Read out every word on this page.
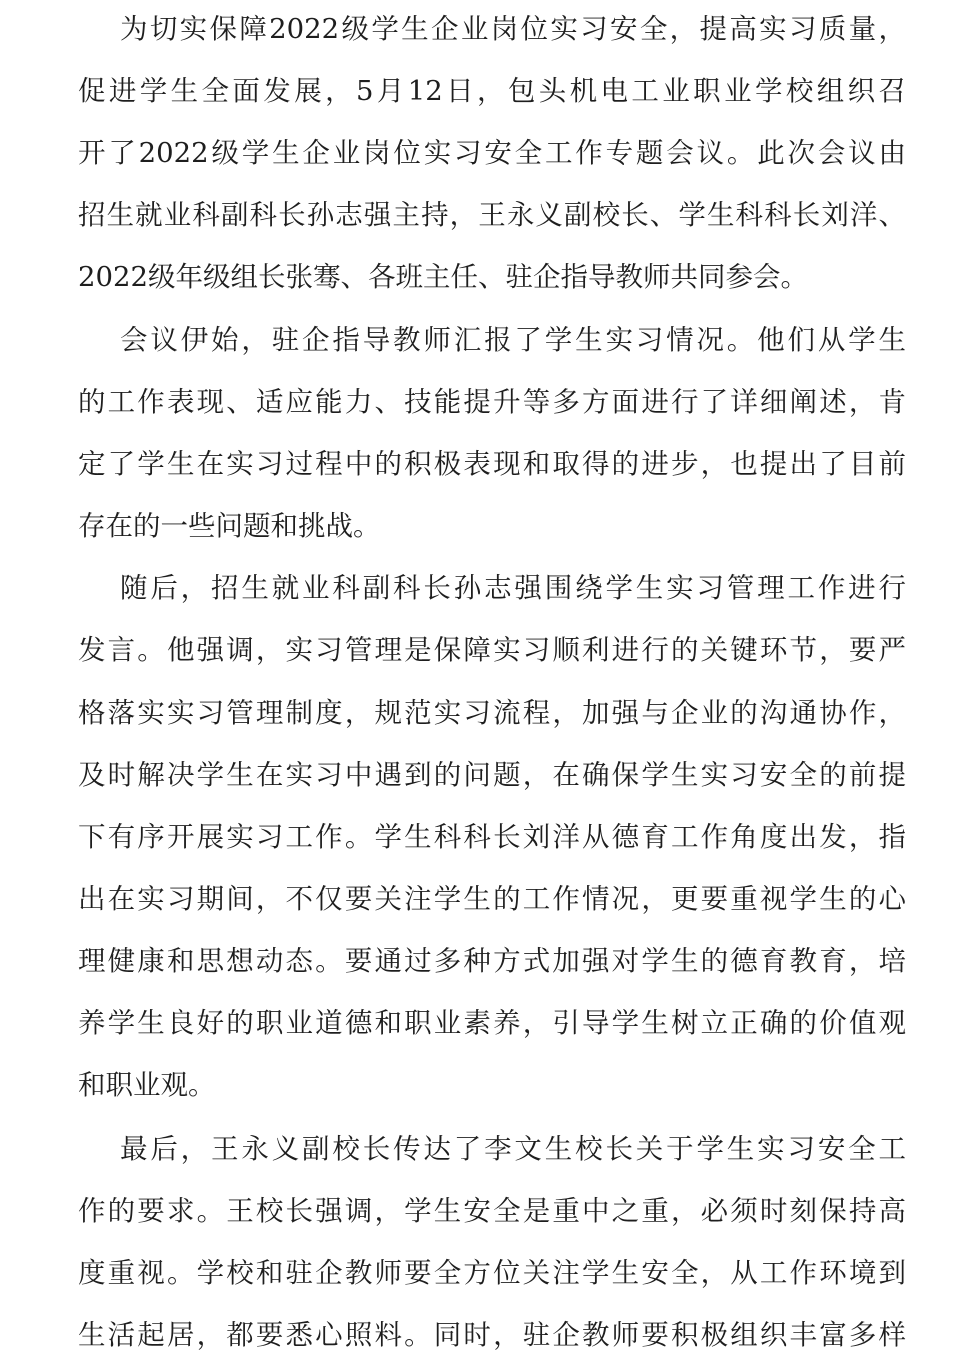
为切实保障2022级学生企业岗位实习安全，提高实习质量，
促进学生全面发展，5月12日，包头机电工业职业学校组织召
开了2022级学生企业岗位实习安全工作专题会议。此次会议由
招生就业科副科长孙志强主持，王永义副校长、学生科科长刘洋、
2022级年级组长张骞、各班主任、驻企指导教师共同参会。
会议伊始，驻企指导教师汇报了学生实习情况。他们从学生
的工作表现、适应能力、技能提升等多方面进行了详细阐述，肯
定了学生在实习过程中的积极表现和取得的进步，也提出了目前
存在的一些问题和挑战。
随后，招生就业科副科长孙志强围绕学生实习管理工作进行
发言。他强调，实习管理是保障实习顺利进行的关键环节，要严
格落实实习管理制度，规范实习流程，加强与企业的沟通协作，
及时解决学生在实习中遇到的问题，在确保学生实习安全的前提
下有序开展实习工作。学生科科长刘洋从德育工作角度出发，指
出在实习期间，不仅要关注学生的工作情况，更要重视学生的心
理健康和思想动态。要通过多种方式加强对学生的德育教育，培
养学生良好的职业道德和职业素养，引导学生树立正确的价值观
和职业观。
最后，王永义副校长传达了李文生校长关于学生实习安全工
作的要求。王校长强调，学生安全是重中之重，必须时刻保持高
度重视。学校和驻企教师要全方位关注学生安全，从工作环境到
生活起居，都要悉心照料。同时，驻企教师要积极组织丰富多样
